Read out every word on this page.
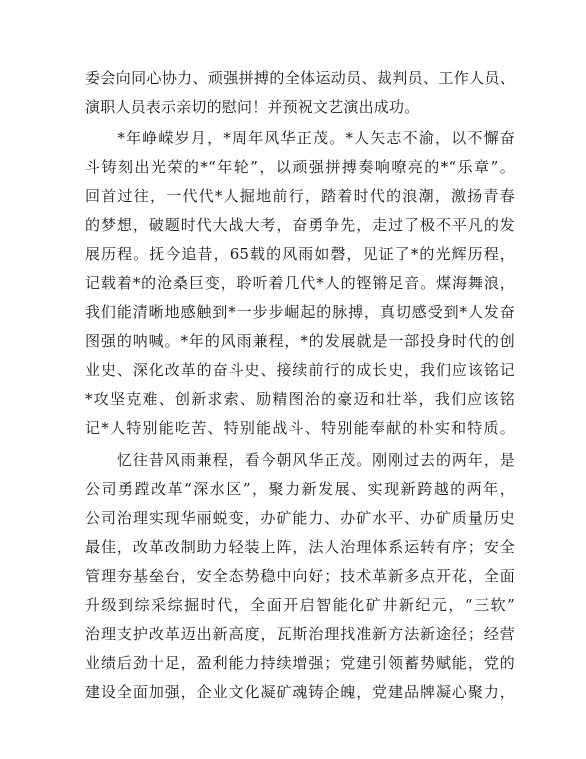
委会向同心协力、顽强拼搏的全体运动员、裁判员、工作人员、
演职人员表示亲切的慰问！并预祝文艺演出成功。
　　*年峥嵘岁月，*周年风华正茂。*人矢志不渝，以不懈奋
斗铸刻出光荣的*“年轮”，以顽强拼搏奏响嘹亮的*“乐章”。
回首过往，一代代*人掘地前行，踏着时代的浪潮，激扬青春
的梦想，破题时代大战大考，奋勇争先，走过了极不平凡的发
展历程。抚今追昔，65载的风雨如磬，见证了*的光辉历程，
记载着*的沧桑巨变，聆听着几代*人的铿锵足音。煤海舞浪，
我们能清晰地感触到*一步步崛起的脉搏，真切感受到*人发奋
图强的呐喊。*年的风雨兼程，*的发展就是一部投身时代的创
业史、深化改革的奋斗史、接续前行的成长史，我们应该铭记
*攻坚克难、创新求索、励精图治的豪迈和壮举，我们应该铭
记*人特别能吃苦、特别能战斗、特别能奉献的朴实和特质。
　　忆往昔风雨兼程，看今朝风华正茂。刚刚过去的两年，是
公司勇蹚改革“深水区”，聚力新发展、实现新跨越的两年，
公司治理实现华丽蜕变，办矿能力、办矿水平、办矿质量历史
最佳，改革改制助力轻装上阵，法人治理体系运转有序；安全
管理夯基垒台，安全态势稳中向好；技术革新多点开花，全面
升级到综采综掘时代，全面开启智能化矿井新纪元，“三软”
治理支护改革迈出新高度，瓦斯治理找准新方法新途径；经营
业绩后劲十足，盈利能力持续增强；党建引领蓄势赋能，党的
建设全面加强，企业文化凝矿魂铸企魄，党建品牌凝心聚力，
